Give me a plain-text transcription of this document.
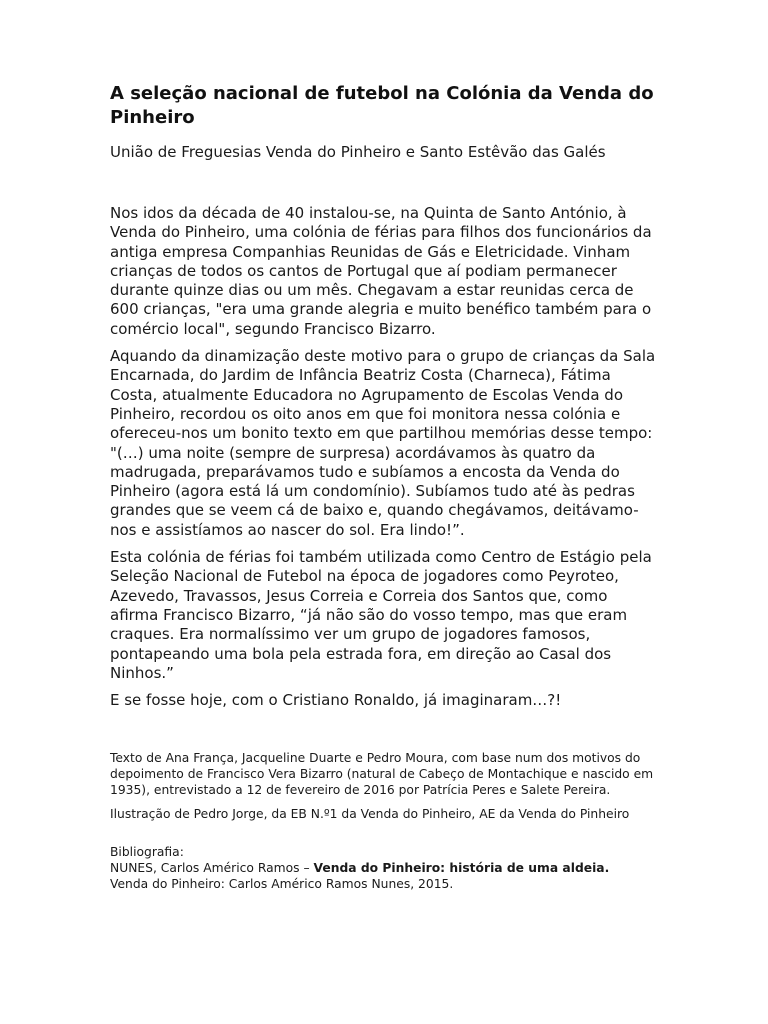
A seleção nacional de futebol na Colónia da Venda do Pinheiro

União de Freguesias Venda do Pinheiro e Santo Estêvão das Galés

Nos idos da década de 40 instalou-se, na Quinta de Santo António, à Venda do Pinheiro, uma colónia de férias para filhos dos funcionários da antiga empresa Companhias Reunidas de Gás e Eletricidade. Vinham crianças de todos os cantos de Portugal que aí podiam permanecer durante quinze dias ou um mês. Chegavam a estar reunidas cerca de 600 crianças, "era uma grande alegria e muito benéfico também para o comércio local", segundo Francisco Bizarro.

Aquando da dinamização deste motivo para o grupo de crianças da Sala Encarnada, do Jardim de Infância Beatriz Costa (Charneca), Fátima Costa, atualmente Educadora no Agrupamento de Escolas Venda do Pinheiro, recordou os oito anos em que foi monitora nessa colónia e ofereceu-nos um bonito texto em que partilhou memórias desse tempo: "(…) uma noite (sempre de surpresa) acordávamos às quatro da madrugada, preparávamos tudo e subíamos a encosta da Venda do Pinheiro (agora está lá um condomínio). Subíamos tudo até às pedras grandes que se veem cá de baixo e, quando chegávamos, deitávamo-nos e assistíamos ao nascer do sol. Era lindo!”.

Esta colónia de férias foi também utilizada como Centro de Estágio pela Seleção Nacional de Futebol na época de jogadores como Peyroteo, Azevedo, Travassos, Jesus Correia e Correia dos Santos que, como afirma Francisco Bizarro, “já não são do vosso tempo, mas que eram craques. Era normalíssimo ver um grupo de jogadores famosos, pontapeando uma bola pela estrada fora, em direção ao Casal dos Ninhos.”

E se fosse hoje, com o Cristiano Ronaldo, já imaginaram…?!

Texto de Ana França, Jacqueline Duarte e Pedro Moura, com base num dos motivos do depoimento de Francisco Vera Bizarro (natural de Cabeço de Montachique e nascido em 1935), entrevistado a 12 de fevereiro de 2016 por Patrícia Peres e Salete Pereira.

Ilustração de Pedro Jorge, da EB N.º1 da Venda do Pinheiro, AE da Venda do Pinheiro

Bibliografia:
NUNES, Carlos Américo Ramos – Venda do Pinheiro: história de uma aldeia.
Venda do Pinheiro: Carlos Américo Ramos Nunes, 2015.
